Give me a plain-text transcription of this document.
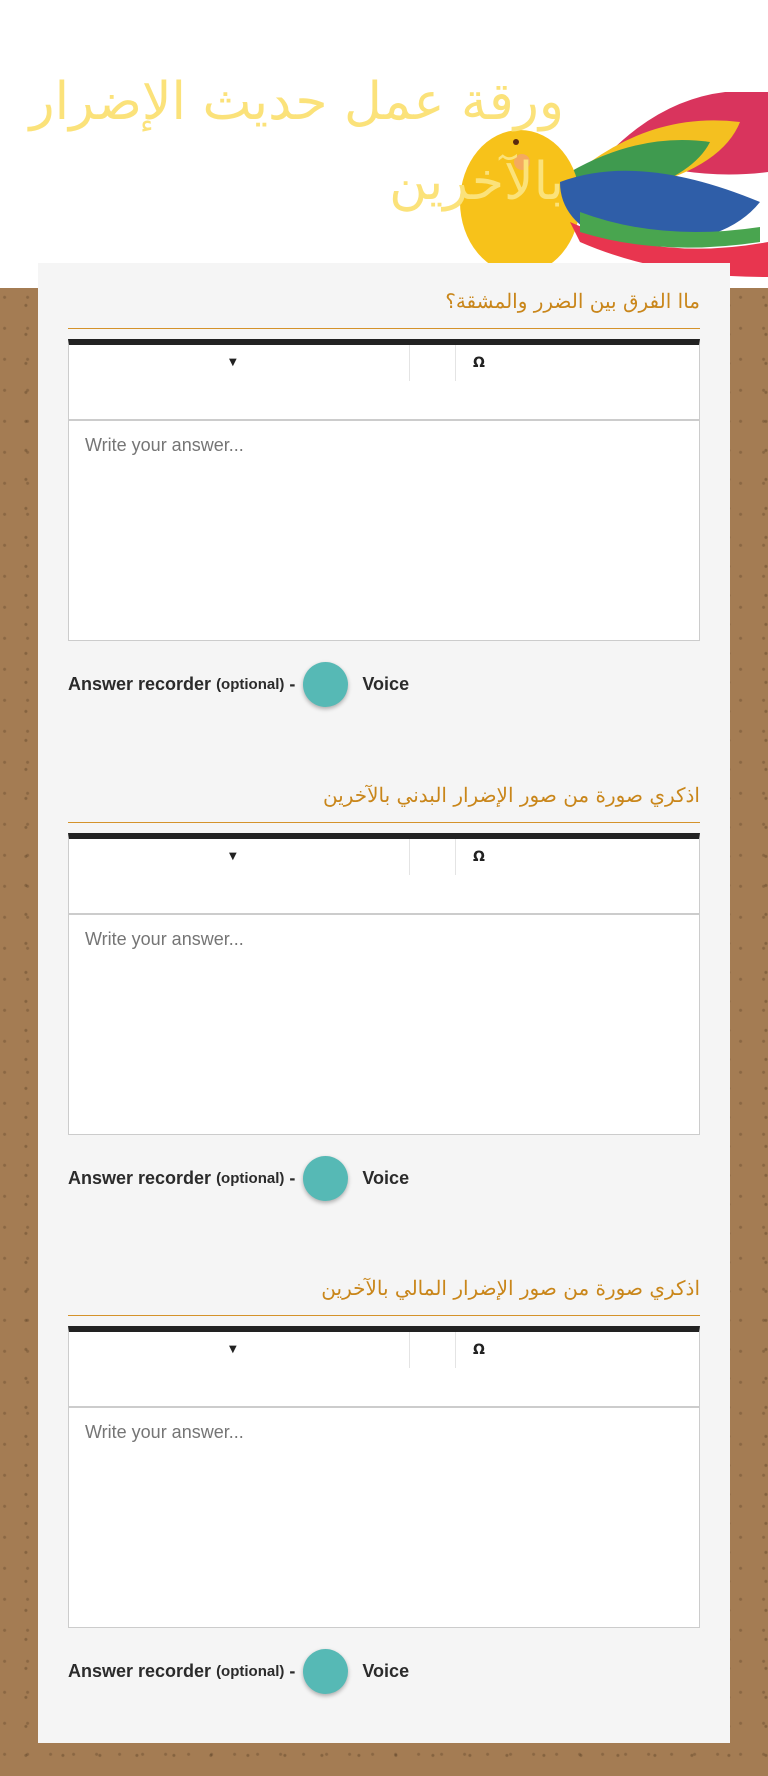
ورقة عمل حديث الإضرار بالآخرين
ماا الفرق بين الضرر والمشقة؟
▼	Ω
Write your answer...
Answer recorder (optional) -	Voice
اذكري صورة من صور الإضرار البدني بالآخرين
▼	Ω
Write your answer...
Answer recorder (optional) -	Voice
اذكري صورة من صور الإضرار المالي بالآخرين
▼	Ω
Write your answer...
Answer recorder (optional) -	Voice
